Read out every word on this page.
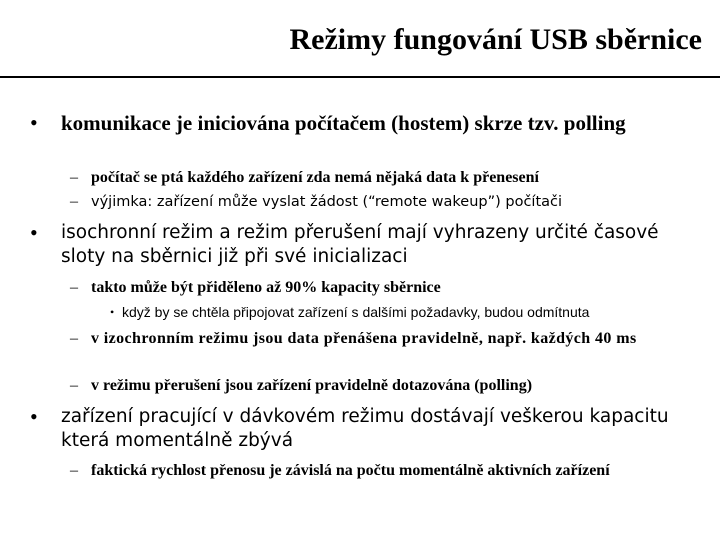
Režimy fungování USB sběrnice
• komunikace je iniciována počítačem (hostem) skrze tzv. polling
– počítač se ptá každého zařízení zda nemá nějaká data k přenesení
– výjimka: zařízení může vyslat žádost (“remote wakeup”) počítači
• isochronní režim a režim přerušení mají vyhrazeny určité časové sloty na sběrnici již při své inicializaci
– takto může být přiděleno až 90% kapacity sběrnice
• když by se chtěla připojovat zařízení s dalšími požadavky, budou odmítnuta
– v izochronním režimu jsou data přenášena pravidelně, např. každých 40 ms
– v režimu přerušení jsou zařízení pravidelně dotazována (polling)
• zařízení pracující v dávkovém režimu dostávají veškerou kapacitu která momentálně zbývá
– faktická rychlost přenosu je závislá na počtu momentálně aktivních zařízení
